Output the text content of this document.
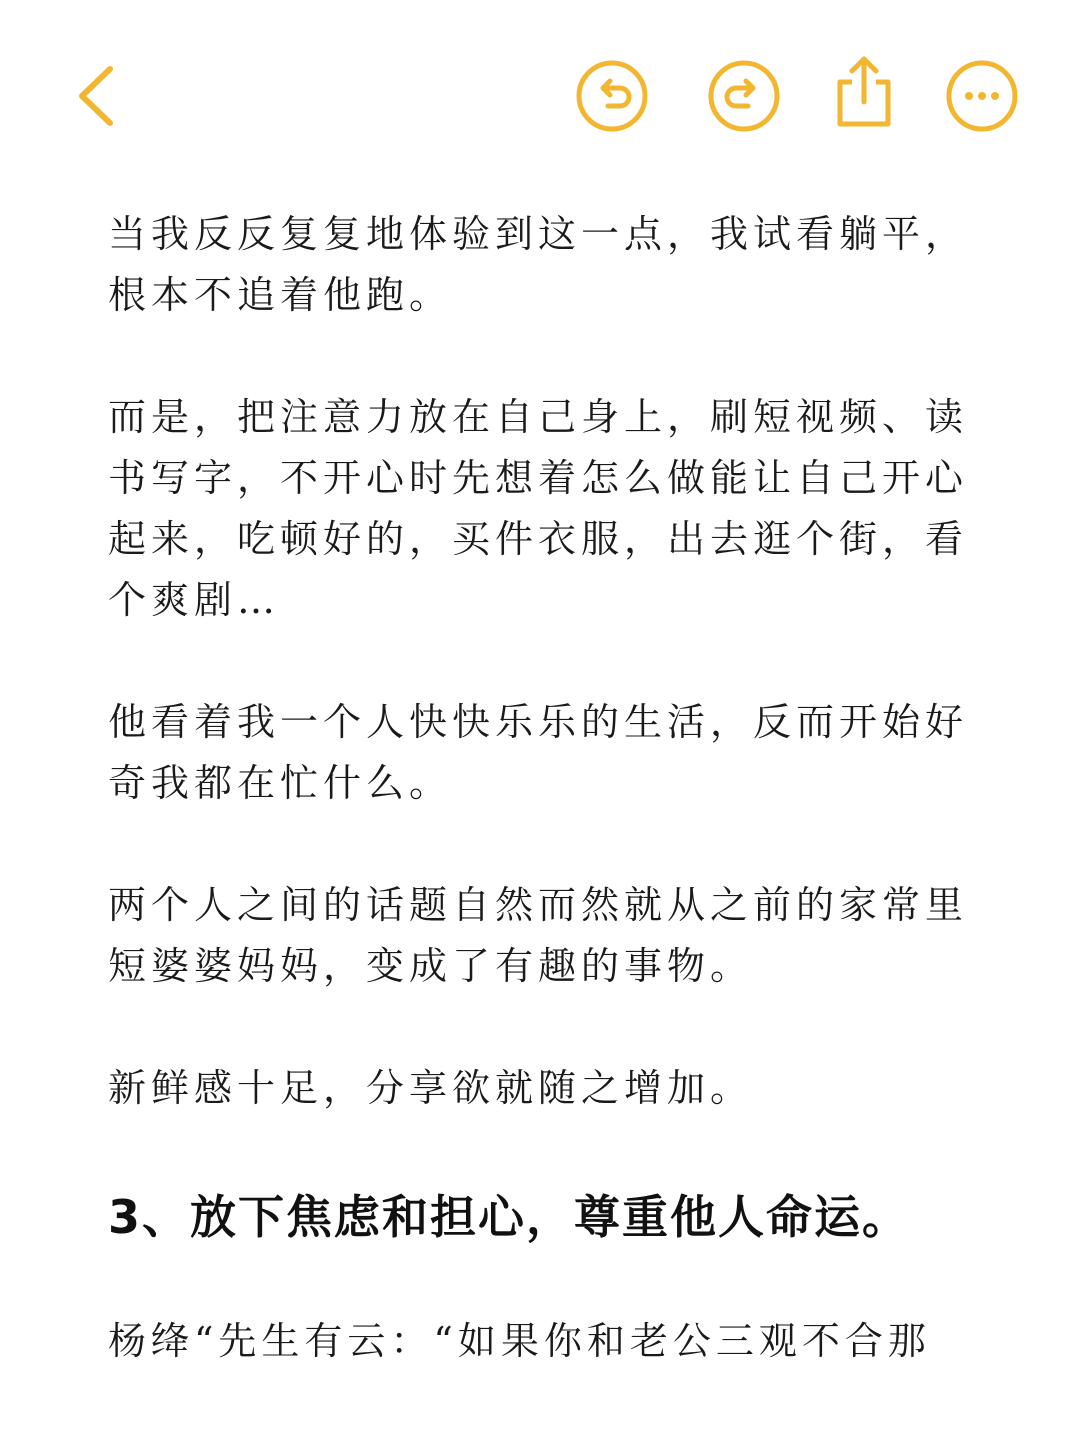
当我反反复复地体验到这一点，我试看躺平，
根本不追着他跑。

而是，把注意力放在自己身上，刷短视频、读
书写字，不开心时先想着怎么做能让自己开心
起来，吃顿好的，买件衣服，出去逛个街，看
个爽剧…

他看着我一个人快快乐乐的生活，反而开始好
奇我都在忙什么。

两个人之间的话题自然而然就从之前的家常里
短婆婆妈妈，变成了有趣的事物。

新鲜感十足，分享欲就随之增加。

3、放下焦虑和担心，尊重他人命运。

杨绛“先生有云：“如果你和老公三观不合那
